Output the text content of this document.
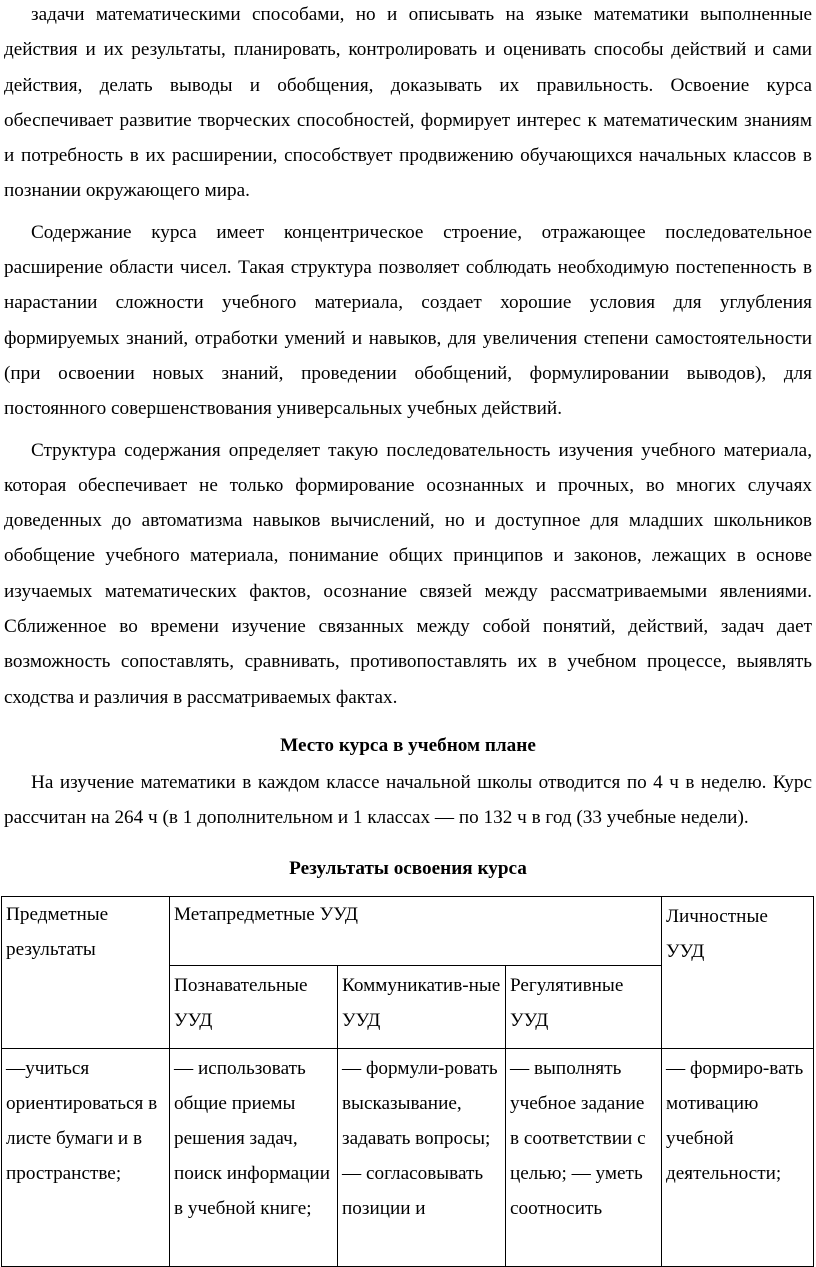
задачи математическими способами, но и описывать на языке математики выполненные действия и их результаты, планировать, контролировать и оценивать способы действий и сами действия, делать выводы и обобщения, доказывать их правильность. Освоение курса обеспечивает развитие творческих способностей, формирует интерес к математическим знаниям и потребность в их расширении, способствует продвижению обучающихся начальных классов в познании окружающего мира.

Содержание курса имеет концентрическое строение, отражающее последовательное расширение области чисел. Такая структура позволяет соблюдать необходимую постепенность в нарастании сложности учебного материала, создает хорошие условия для углубления формируемых знаний, отработки умений и навыков, для увеличения степени самостоятельности (при освоении новых знаний, проведении обобщений, формулировании выводов), для постоянного совершенствования универсальных учебных действий.

Структура содержания определяет такую последовательность изучения учебного материала, которая обеспечивает не только формирование осознанных и прочных, во многих случаях доведенных до автоматизма навыков вычислений, но и доступное для младших школьников обобщение учебного материала, понимание общих принципов и законов, лежащих в основе изучаемых математических фактов, осознание связей между рассматриваемыми явлениями. Сближенное во времени изучение связанных между собой понятий, действий, задач дает возможность сопоставлять, сравнивать, противопоставлять их в учебном процессе, выявлять сходства и различия в рассматриваемых фактах.

Место курса в учебном плане

На изучение математики в каждом классе начальной школы отводится по 4 ч в неделю. Курс рассчитан на 264 ч (в 1 дополнительном и 1 классах — по 132 ч в год (33 учебные недели).

Результаты освоения курса
Предметные результаты	Метапредметные УУД			Личностные УУД
	Познавательные УУД	Коммуникатив-ные УУД	Регулятивные УУД	
—учиться ориентироваться в листе бумаги и в пространстве;	— использовать общие приемы решения задач, поиск информации в учебной книге;	— формули-ровать высказывание, задавать вопросы; — согласовывать позиции и	— выполнять учебное задание в соответствии с целью; — уметь соотносить	— формиро-вать мотивацию учебной деятельности;
